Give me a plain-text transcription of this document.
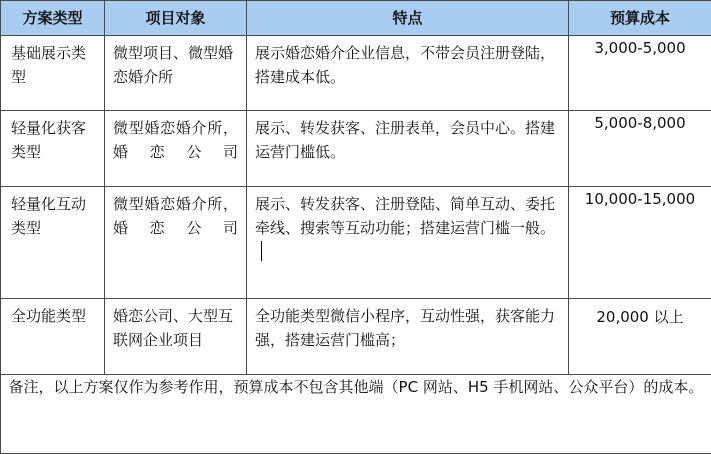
方案类型	项目对象	特点	预算成本

基础展示类型	微型项目、微型婚恋婚介所	展示婚恋婚介企业信息，不带会员注册登陆，搭建成本低。	3,000-5,000

轻量化获客类型	微型婚恋婚介所，婚恋公司	展示、转发获客、注册表单，会员中心。搭建运营门槛低。	5,000-8,000

轻量化互动类型	微型婚恋婚介所，婚恋公司	展示、转发获客、注册登陆、简单互动、委托牵线、搜索等互动功能；搭建运营门槛一般。	10,000-15,000

全功能类型	婚恋公司、大型互联网企业项目	全功能类型微信小程序，互动性强，获客能力强，搭建运营门槛高；	20,000 以上
备注，以上方案仅作为参考作用，预算成本不包含其他端（PC 网站、H5 手机网站、公众平台）的成本。			
